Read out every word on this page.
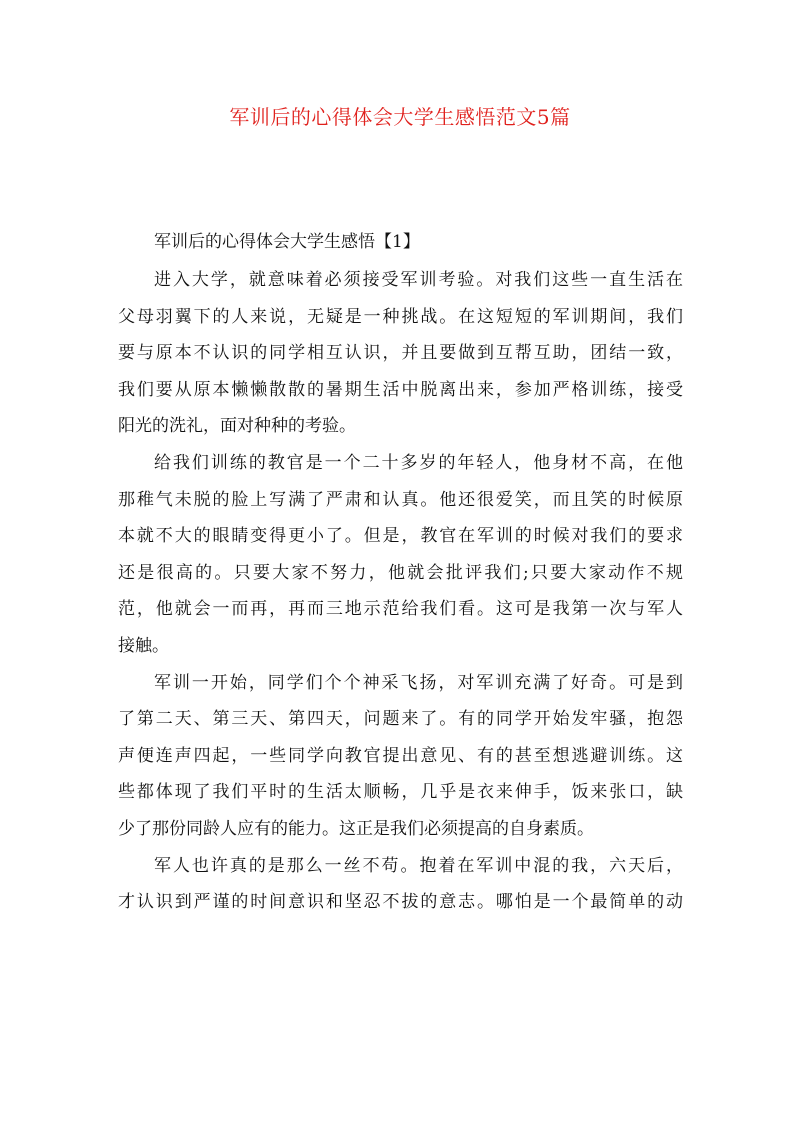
军训后的心得体会大学生感悟范文5篇
军训后的心得体会大学生感悟【1】

进入大学，就意味着必须接受军训考验。对我们这些一直生活在
父母羽翼下的人来说，无疑是一种挑战。在这短短的军训期间，我们
要与原本不认识的同学相互认识，并且要做到互帮互助，团结一致，
我们要从原本懒懒散散的暑期生活中脱离出来，参加严格训练，接受
阳光的洗礼，面对种种的考验。

给我们训练的教官是一个二十多岁的年轻人，他身材不高，在他
那稚气未脱的脸上写满了严肃和认真。他还很爱笑，而且笑的时候原
本就不大的眼睛变得更小了。但是，教官在军训的时候对我们的要求
还是很高的。只要大家不努力，他就会批评我们;只要大家动作不规
范，他就会一而再，再而三地示范给我们看。这可是我第一次与军人
接触。

军训一开始，同学们个个神采飞扬，对军训充满了好奇。可是到
了第二天、第三天、第四天，问题来了。有的同学开始发牢骚，抱怨
声便连声四起，一些同学向教官提出意见、有的甚至想逃避训练。这
些都体现了我们平时的生活太顺畅，几乎是衣来伸手，饭来张口，缺
少了那份同龄人应有的能力。这正是我们必须提高的自身素质。

军人也许真的是那么一丝不苟。抱着在军训中混的我，六天后，
才认识到严谨的时间意识和坚忍不拔的意志。哪怕是一个最简单的动
